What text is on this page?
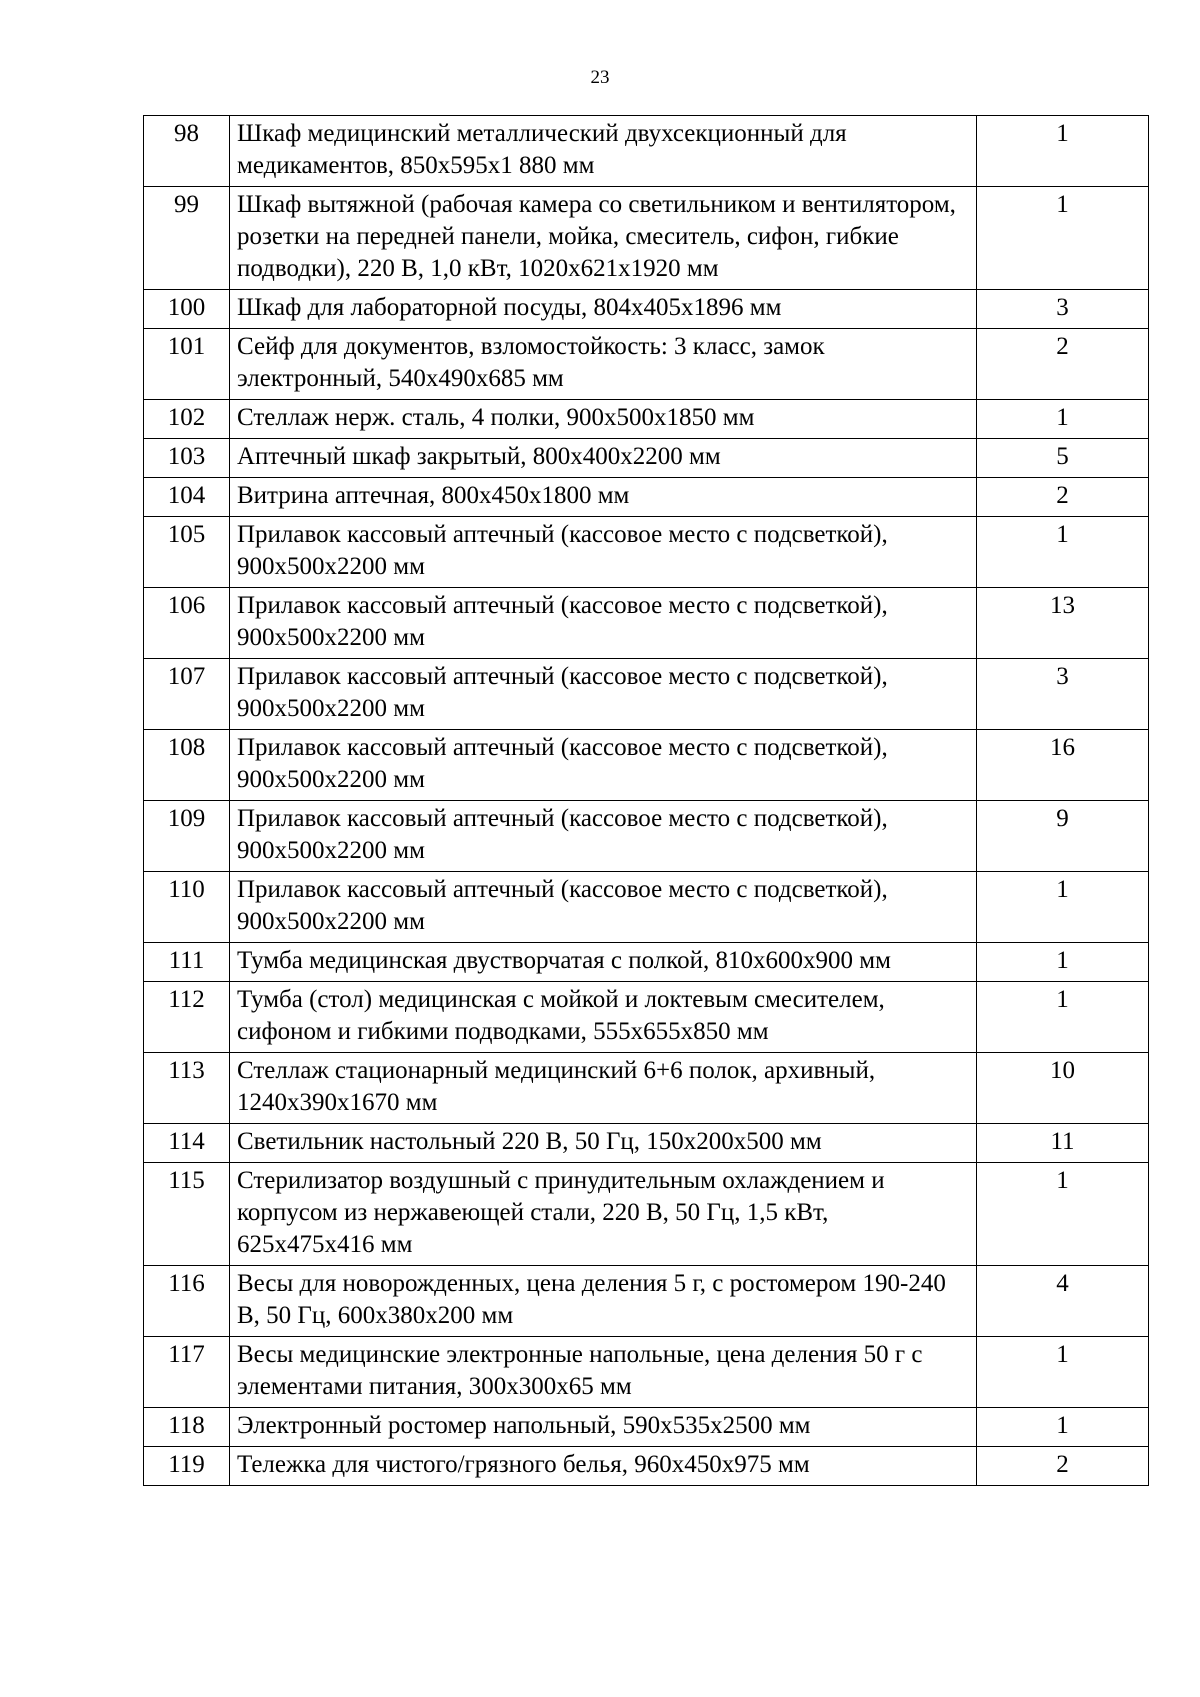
23
98	Шкаф медицинский металлический двухсекционный для медикаментов, 850х595х1 880 мм	1
99	Шкаф вытяжной (рабочая камера со светильником и вентилятором, розетки на передней панели, мойка, смеситель, сифон, гибкие подводки), 220 В, 1,0 кВт, 1020х621х1920 мм	1
100	Шкаф для лабораторной посуды, 804х405х1896 мм	3
101	Сейф для документов, взломостойкость: 3 класс, замок электронный, 540х490х685 мм	2
102	Стеллаж нерж. сталь, 4 полки, 900х500х1850 мм	1
103	Аптечный шкаф закрытый, 800х400х2200 мм	5
104	Витрина аптечная, 800х450х1800 мм	2
105	Прилавок кассовый аптечный (кассовое место с подсветкой), 900х500х2200 мм	1
106	Прилавок кассовый аптечный (кассовое место с подсветкой), 900х500х2200 мм	13
107	Прилавок кассовый аптечный (кассовое место с подсветкой), 900х500х2200 мм	3
108	Прилавок кассовый аптечный (кассовое место с подсветкой), 900х500х2200 мм	16
109	Прилавок кассовый аптечный (кассовое место с подсветкой), 900х500х2200 мм	9
110	Прилавок кассовый аптечный (кассовое место с подсветкой), 900х500х2200 мм	1
111	Тумба медицинская двустворчатая с полкой, 810х600х900 мм	1
112	Тумба (стол) медицинская с мойкой и локтевым смесителем, сифоном и гибкими подводками, 555х655х850 мм	1
113	Стеллаж стационарный медицинский 6+6 полок, архивный, 1240х390х1670 мм	10
114	Светильник настольный 220 В, 50 Гц, 150х200х500 мм	11
115	Стерилизатор воздушный с принудительным охлаждением и корпусом из нержавеющей стали, 220 В, 50 Гц, 1,5 кВт, 625х475х416 мм	1
116	Весы для новорожденных, цена деления 5 г, с ростомером 190-240 В, 50 Гц, 600х380х200 мм	4
117	Весы медицинские электронные напольные, цена деления 50 г с элементами питания, 300х300х65 мм	1
118	Электронный ростомер напольный, 590х535х2500 мм	1
119	Тележка для чистого/грязного белья, 960х450х975 мм	2
